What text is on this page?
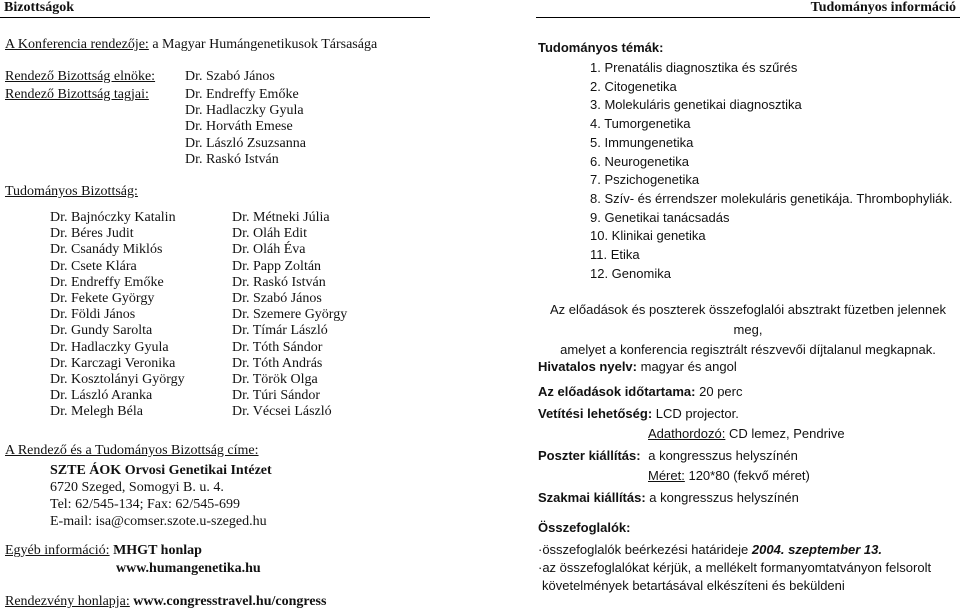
Bizottságok	Tudományos információ
A Konferencia rendezője: a Magyar Humángenetikusok Társasága
Rendező Bizottság elnöke: Dr. Szabó János
Rendező Bizottság tagjai:	Dr. Endreffy Emőke
Dr. Hadlaczky Gyula
Dr. Horváth Emese
Dr. László Zsuzsanna
Dr. Raskó István
Tudományos Bizottság:
Dr. Bajnóczky Katalin
Dr. Béres Judit
Dr. Csanády Miklós
Dr. Csete Klára
Dr. Endreffy Emőke
Dr. Fekete György
Dr. Földi János
Dr. Gundy Sarolta
Dr. Hadlaczky Gyula
Dr. Karczagi Veronika
Dr. Kosztolányi György
Dr. László Aranka
Dr. Melegh Béla
Dr. Métneki Júlia
Dr. Oláh Edit
Dr. Oláh Éva
Dr. Papp Zoltán
Dr. Raskó István
Dr. Szabó János
Dr. Szemere György
Dr. Tímár László
Dr. Tóth Sándor
Dr. Tóth András
Dr. Török Olga
Dr. Túri Sándor
Dr. Vécsei László
A Rendező és a Tudományos Bizottság címe:
SZTE ÁOK Orvosi Genetikai Intézet
6720 Szeged, Somogyi B. u. 4.
Tel: 62/545-134; Fax: 62/545-699
E-mail: isa@comser.szote.u-szeged.hu
Egyéb információ: MHGT honlap
www.humangenetika.hu
Rendezvény honlapja: www.congresstravel.hu/congress
Tudományos témák:
1. Prenatális diagnosztika és szűrés
2. Citogenetika
3. Molekuláris genetikai diagnosztika
4. Tumorgenetika
5. Immungenetika
6. Neurogenetika
7. Pszichogenetika
8. Szív- és érrendszer molekuláris genetikája. Thrombophyliák.
9. Genetikai tanácsadás
10. Klinikai genetika
11. Etika
12. Genomika
Az előadások és poszterek összefoglalói absztrakt füzetben jelennek meg,
amelyet a konferencia regisztrált részvevői díjtalanul megkapnak.
Hivatalos nyelv: magyar és angol
Az előadások időtartama: 20 perc
Vetítési lehetőség: LCD projector.
Adathordozó: CD lemez, Pendrive
Poszter kiállítás: a kongresszus helyszínén
Méret: 120*80 (fekvő méret)
Szakmai kiállítás: a kongresszus helyszínén
Összefoglalók:
·összefoglalók beérkezési határideje 2004. szeptember 13.
·az összefoglalókat kérjük, a mellékelt formanyomtatványon felsorolt
követelmények betartásával elkészíteni és beküldeni
